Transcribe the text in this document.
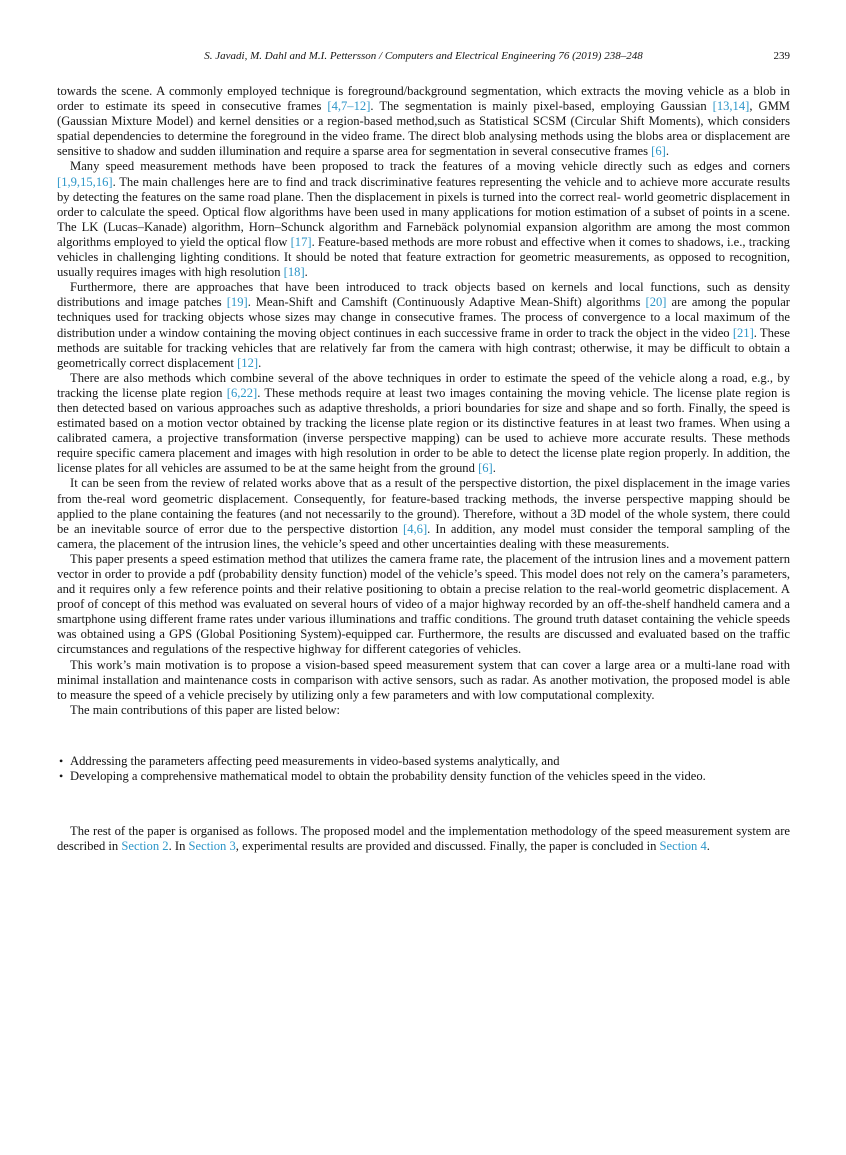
S. Javadi, M. Dahl and M.I. Pettersson / Computers and Electrical Engineering 76 (2019) 238–248	239

towards the scene. A commonly employed technique is foreground/background segmentation, which extracts the moving vehicle as a blob in order to estimate its speed in consecutive frames [4,7–12]. The segmentation is mainly pixel-based, employing Gaussian [13,14], GMM (Gaussian Mixture Model) and kernel densities or a region-based method,such as Statistical SCSM (Circular Shift Moments), which considers spatial dependencies to determine the foreground in the video frame. The direct blob analysing methods using the blobs area or displacement are sensitive to shadow and sudden illumination and require a sparse area for segmentation in several consecutive frames [6].

Many speed measurement methods have been proposed to track the features of a moving vehicle directly such as edges and corners [1,9,15,16]. The main challenges here are to find and track discriminative features representing the vehicle and to achieve more accurate results by detecting the features on the same road plane. Then the displacement in pixels is turned into the correct real- world geometric displacement in order to calculate the speed. Optical flow algorithms have been used in many applications for motion estimation of a subset of points in a scene. The LK (Lucas–Kanade) algorithm, Horn–Schunck algorithm and Farnebäck polynomial expansion algorithm are among the most common algorithms employed to yield the optical flow [17]. Feature-based methods are more robust and effective when it comes to shadows, i.e., tracking vehicles in challenging lighting conditions. It should be noted that feature extraction for geometric measurements, as opposed to recognition, usually requires images with high resolution [18].

Furthermore, there are approaches that have been introduced to track objects based on kernels and local functions, such as density distributions and image patches [19]. Mean-Shift and Camshift (Continuously Adaptive Mean-Shift) algorithms [20] are among the popular techniques used for tracking objects whose sizes may change in consecutive frames. The process of convergence to a local maximum of the distribution under a window containing the moving object continues in each successive frame in order to track the object in the video [21]. These methods are suitable for tracking vehicles that are relatively far from the camera with high contrast; otherwise, it may be difficult to obtain a geometrically correct displacement [12].

There are also methods which combine several of the above techniques in order to estimate the speed of the vehicle along a road, e.g., by tracking the license plate region [6,22]. These methods require at least two images containing the moving vehicle. The license plate region is then detected based on various approaches such as adaptive thresholds, a priori boundaries for size and shape and so forth. Finally, the speed is estimated based on a motion vector obtained by tracking the license plate region or its distinctive features in at least two frames. When using a calibrated camera, a projective transformation (inverse perspective mapping) can be used to achieve more accurate results. These methods require specific camera placement and images with high resolution in order to be able to detect the license plate region properly. In addition, the license plates for all vehicles are assumed to be at the same height from the ground [6].

It can be seen from the review of related works above that as a result of the perspective distortion, the pixel displacement in the image varies from the-real word geometric displacement. Consequently, for feature-based tracking methods, the inverse perspective mapping should be applied to the plane containing the features (and not necessarily to the ground). Therefore, without a 3D model of the whole system, there could be an inevitable source of error due to the perspective distortion [4,6]. In addition, any model must consider the temporal sampling of the camera, the placement of the intrusion lines, the vehicle’s speed and other uncertainties dealing with these measurements.

This paper presents a speed estimation method that utilizes the camera frame rate, the placement of the intrusion lines and a movement pattern vector in order to provide a pdf (probability density function) model of the vehicle’s speed. This model does not rely on the camera’s parameters, and it requires only a few reference points and their relative positioning to obtain a precise relation to the real-world geometric displacement. A proof of concept of this method was evaluated on several hours of video of a major highway recorded by an off-the-shelf handheld camera and a smartphone using different frame rates under various illuminations and traffic conditions. The ground truth dataset containing the vehicle speeds was obtained using a GPS (Global Positioning System)-equipped car. Furthermore, the results are discussed and evaluated based on the traffic circumstances and regulations of the respective highway for different categories of vehicles.

This work’s main motivation is to propose a vision-based speed measurement system that can cover a large area or a multi-lane road with minimal installation and maintenance costs in comparison with active sensors, such as radar. As another motivation, the proposed model is able to measure the speed of a vehicle precisely by utilizing only a few parameters and with low computational complexity.

The main contributions of this paper are listed below:

• Addressing the parameters affecting peed measurements in video-based systems analytically, and
• Developing a comprehensive mathematical model to obtain the probability density function of the vehicles speed in the video.

The rest of the paper is organised as follows. The proposed model and the implementation methodology of the speed measurement system are described in Section 2. In Section 3, experimental results are provided and discussed. Finally, the paper is concluded in Section 4.
